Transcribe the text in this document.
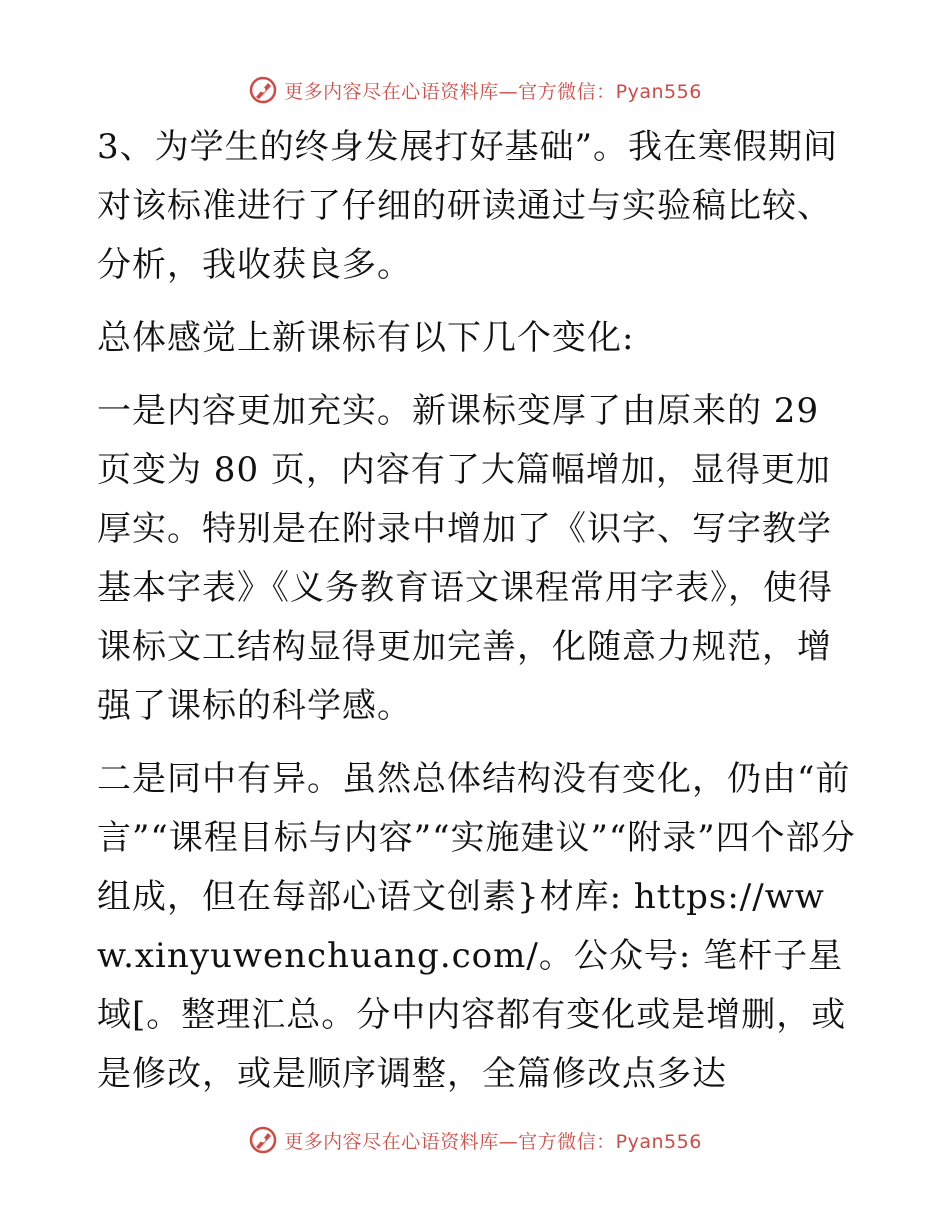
更多内容尽在心语资料库—官方微信：Pyan556

3、为学生的终身发展打好基础”。我在寒假期间对该标准进行了仔细的研读通过与实验稿比较、分析，我收获良多。

总体感觉上新课标有以下几个变化:

一是内容更加充实。新课标变厚了由原来的 29 页变为 80 页，内容有了大篇幅增加，显得更加厚实。特别是在附录中增加了《识字、写字教学基本字表》《义务教育语文课程常用字表》，使得课标文工结构显得更加完善，化随意力规范，增强了课标的科学感。

二是同中有异。虽然总体结构没有变化，仍由“前言”“课程目标与内容”“实施建议”“附录”四个部分组成，但在每部心语文创素}材库: https://www.xinyuwenchuang.com/。公众号: 笔杆子星域[。整理汇总。分中内容都有变化或是增删，或是修改，或是顺序调整，全篇修改点多达

更多内容尽在心语资料库—官方微信：Pyan556
